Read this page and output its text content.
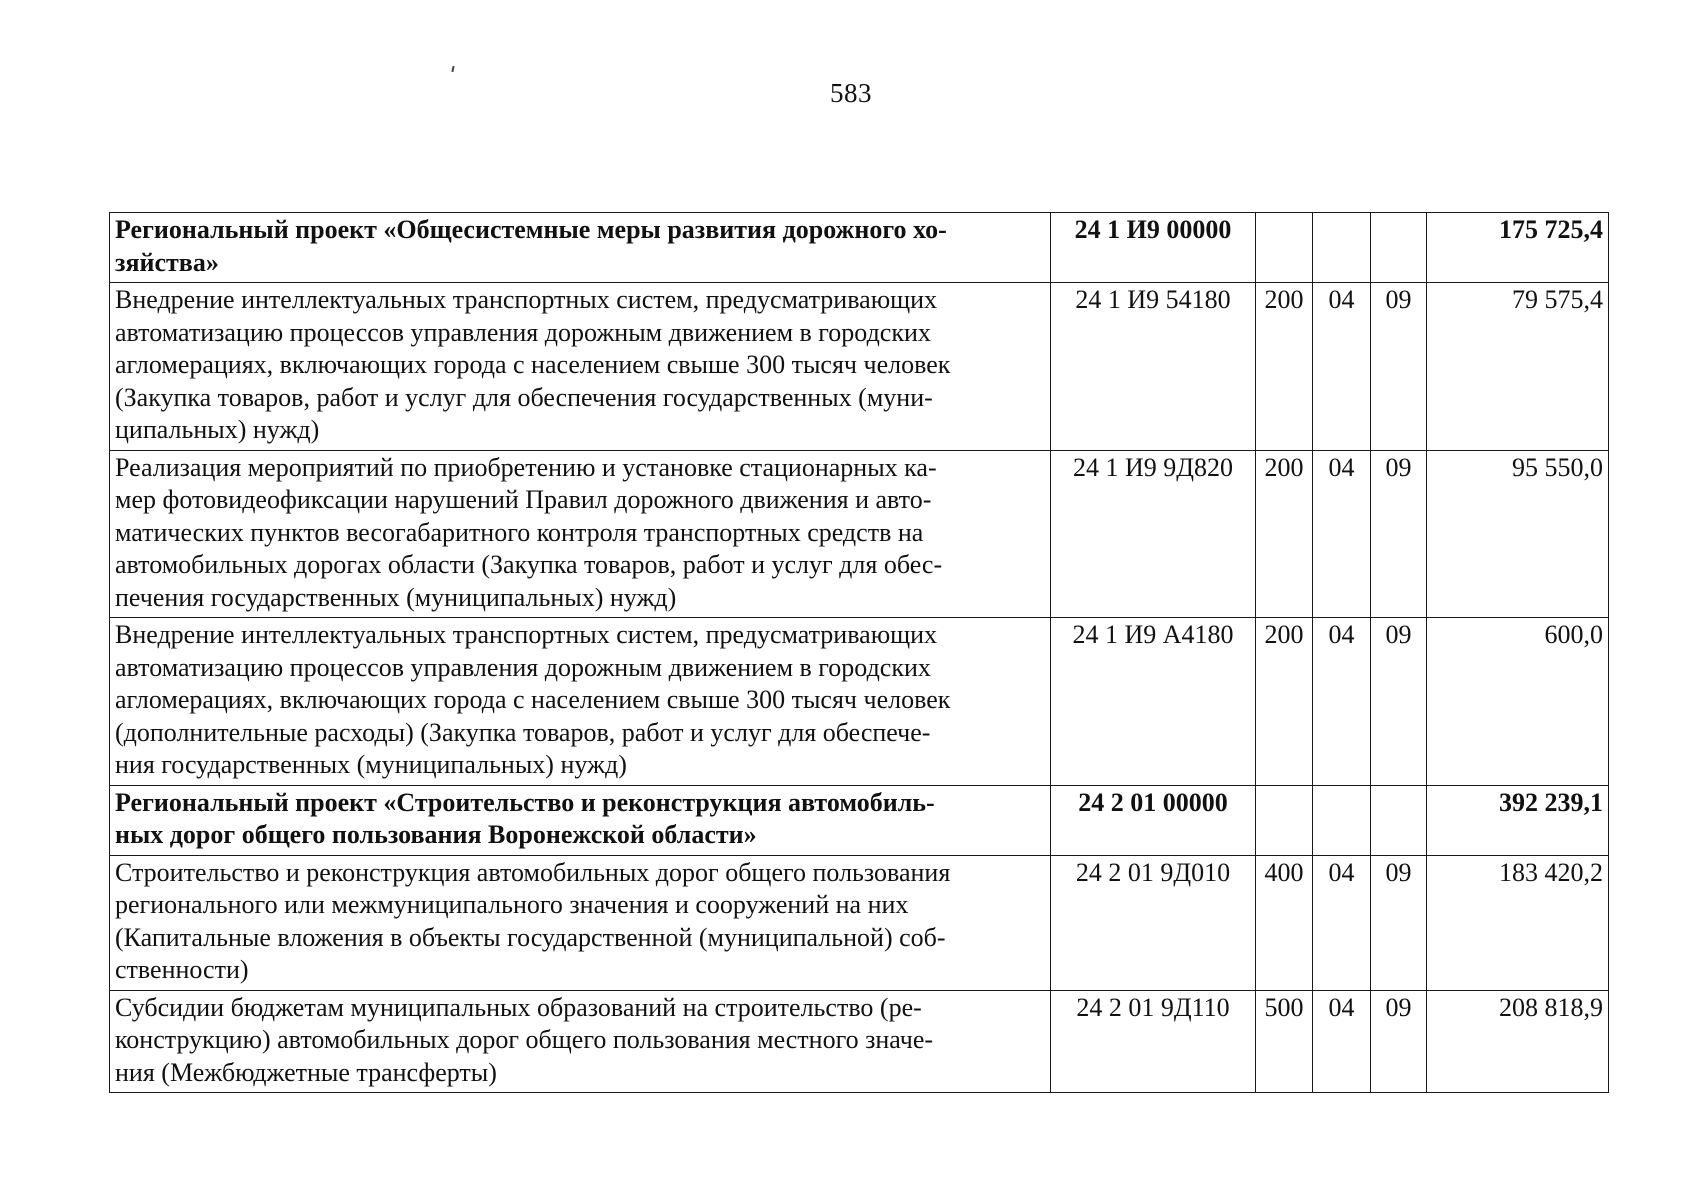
583
Региональный проект «Общесистемные меры развития дорожного хо-
зяйства»	24 1 И9 00000				175 725,4

Внедрение интеллектуальных транспортных систем, предусматривающих
автоматизацию процессов управления дорожным движением в городских
агломерациях, включающих города с населением свыше 300 тысяч человек
(Закупка товаров, работ и услуг для обеспечения государственных (муни-
ципальных) нужд)	24 1 И9 54180	200	04	09	79 575,4

Реализация мероприятий по приобретению и установке стационарных ка-
мер фотовидеофиксации нарушений Правил дорожного движения и авто-
матических пунктов весогабаритного контроля транспортных средств на
автомобильных дорогах области (Закупка товаров, работ и услуг для обес-
печения государственных (муниципальных) нужд)	24 1 И9 9Д820	200	04	09	95 550,0

Внедрение интеллектуальных транспортных систем, предусматривающих
автоматизацию процессов управления дорожным движением в городских
агломерациях, включающих города с населением свыше 300 тысяч человек
(дополнительные расходы) (Закупка товаров, работ и услуг для обеспече-
ния государственных (муниципальных) нужд)	24 1 И9 А4180	200	04	09	600,0

Региональный проект «Строительство и реконструкция автомобиль-
ных дорог общего пользования Воронежской области»	24 2 01 00000				392 239,1

Строительство и реконструкция автомобильных дорог общего пользования
регионального или межмуниципального значения и сооружений на них
(Капитальные вложения в объекты государственной (муниципальной) соб-
ственности)	24 2 01 9Д010	400	04	09	183 420,2

Субсидии бюджетам муниципальных образований на строительство (ре-
конструкцию) автомобильных дорог общего пользования местного значе-
ния (Межбюджетные трансферты)	24 2 01 9Д110	500	04	09	208 818,9
